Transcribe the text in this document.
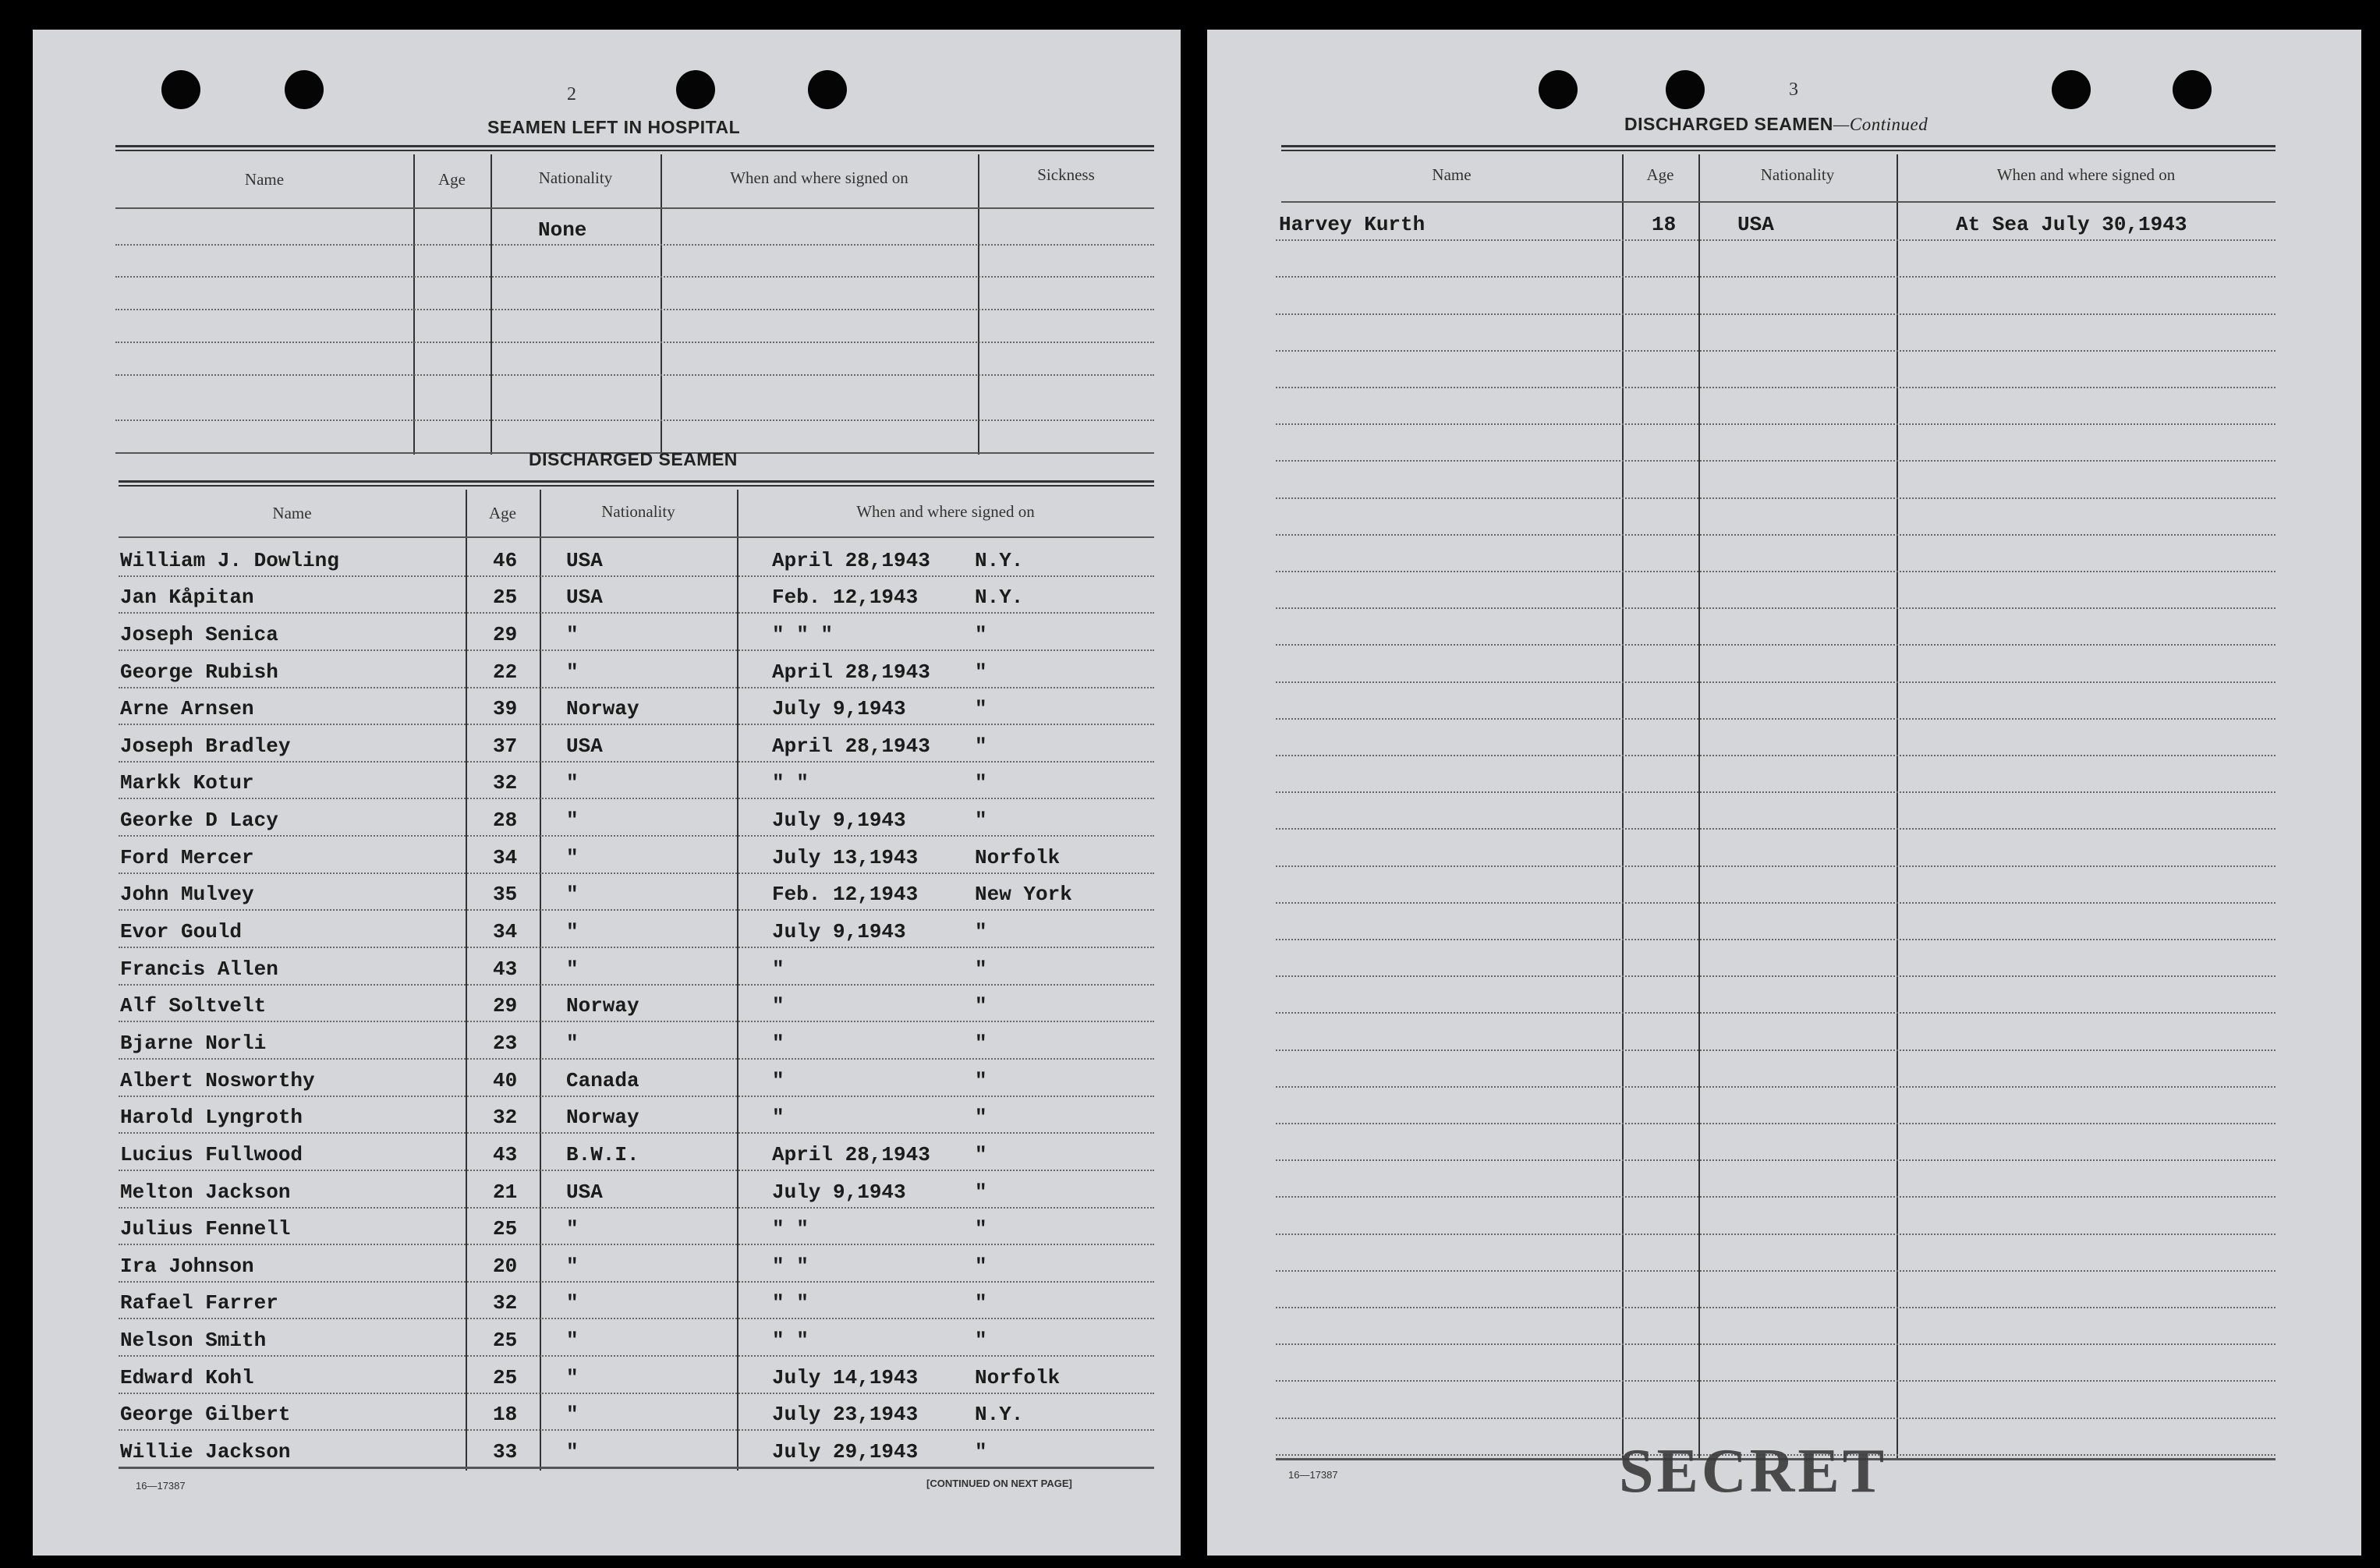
2
SEAMEN LEFT IN HOSPITAL
Name	Age	Nationality	When and where signed on	Sickness
None
DISCHARGED SEAMEN
Name	Age	Nationality	When and where signed on
William J. Dowling	46 USA	April 28,1943 N.Y.
Jan Kåpitan	25 USA	Feb. 12,1943	N.Y.
Joseph Senica	29 "	" " "	"
George Rubish	22 "	April 28,1943 "
Arne Arnsen	39 Norway	July 9,1943	"
Joseph Bradley	37 USA	April 28,1943 "
Markk Kotur	32 "	" "	"
Georke D Lacy	28 "	July 9,1943	"
Ford Mercer	34 "	July 13,1943	Norfolk
John Mulvey	35 "	Feb. 12,1943	New York
Evor Gould	34 "	July 9,1943	"
Francis Allen	43 "	"	"
Alf Soltvelt	29 Norway	"	"
Bjarne Norli	23 "	"	"
Albert Nosworthy	40 Canada	"	"
Harold Lyngroth	32 Norway	"	"
Lucius Fullwood	43 B.W.I.	April 28,1943 "
Melton Jackson	21 USA	July 9,1943	"
Julius Fennell	25 "	" "	"
Ira Johnson	20 "	" "	"
Rafael Farrer	32 "	" "	"
Nelson Smith	25 "	" "	"
Edward Kohl	25 "	July 14,1943	Norfolk
George Gilbert	18 "	July 23,1943	N.Y.
Willie Jackson	33 "	July 29,1943	"
16—17387	[CONTINUED ON NEXT PAGE]
3
DISCHARGED SEAMEN—Continued
Name	Age	Nationality	When and where signed on
Harvey Kurth	18	USA	At Sea July 30,1943
16—17387	SECRET
